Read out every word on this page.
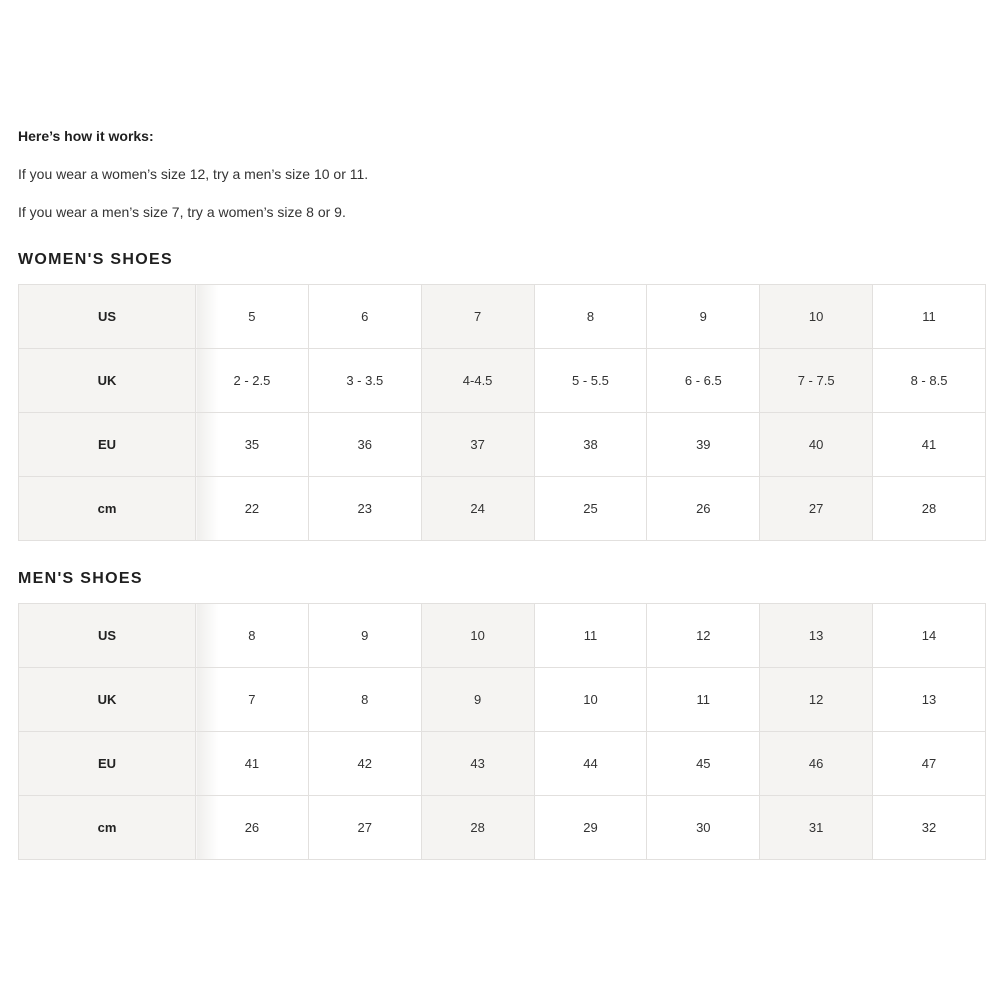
Here’s how it works:

If you wear a women’s size 12, try a men’s size 10 or 11.

If you wear a men’s size 7, try a women’s size 8 or 9.

WOMEN'S SHOES
US	5	6	7	8	9	10	11
UK	2 - 2.5	3 - 3.5	4-4.5	5 - 5.5	6 - 6.5	7 - 7.5	8 - 8.5
EU	35	36	37	38	39	40	41
cm	22	23	24	25	26	27	28
MEN'S SHOES
US	8	9	10	11	12	13	14
UK	7	8	9	10	11	12	13
EU	41	42	43	44	45	46	47
cm	26	27	28	29	30	31	32
